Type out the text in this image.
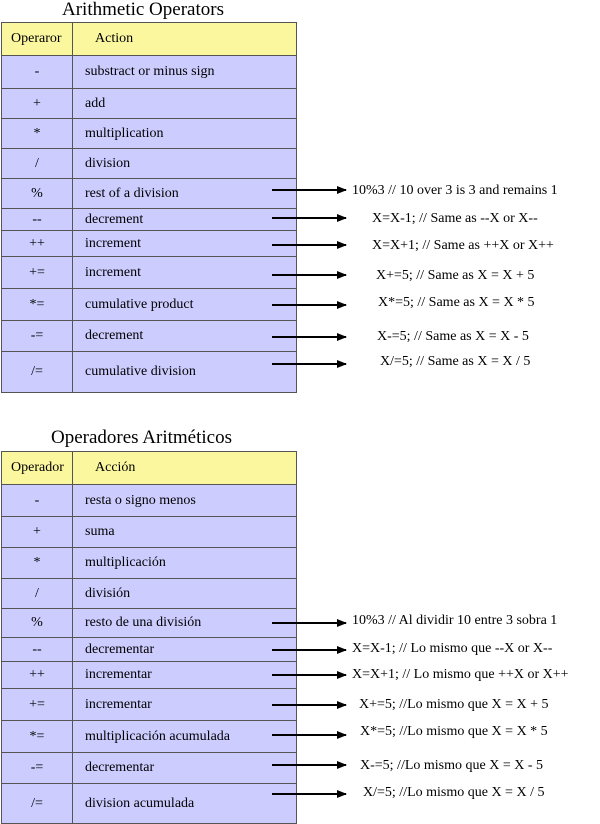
Arithmetic Operators
Operaror	Action
-	substract or minus sign
+	add
*	multiplication
/	division
%	rest of a division
--	decrement
++	increment
+=	increment
*=	cumulative product
-=	decrement
/=	cumulative division
Operadores Aritméticos
Operador	Acción
-	resta o signo menos
+	suma
*	multiplicación
/	división
%	resto de una división
--	decrementar
++	incrementar
+=	incrementar
*=	multiplicación acumulada
-=	decrementar
/=	division acumulada
10%3 // 10 over 3 is 3 and remains 1
X=X-1; // Same as --X or X--
X=X+1; // Same as ++X or X++
X+=5; // Same as X = X + 5
X*=5; // Same as X = X * 5
X-=5; // Same as X = X - 5
X/=5; // Same as X = X / 5
10%3 // Al dividir 10 entre 3 sobra 1
X=X-1; // Lo mismo que --X or X--
X=X+1; // Lo mismo que ++X or X++
X+=5; //Lo mismo que X = X + 5
X*=5; //Lo mismo que X = X * 5
X-=5; //Lo mismo que X = X - 5
X/=5; //Lo mismo que X = X / 5
